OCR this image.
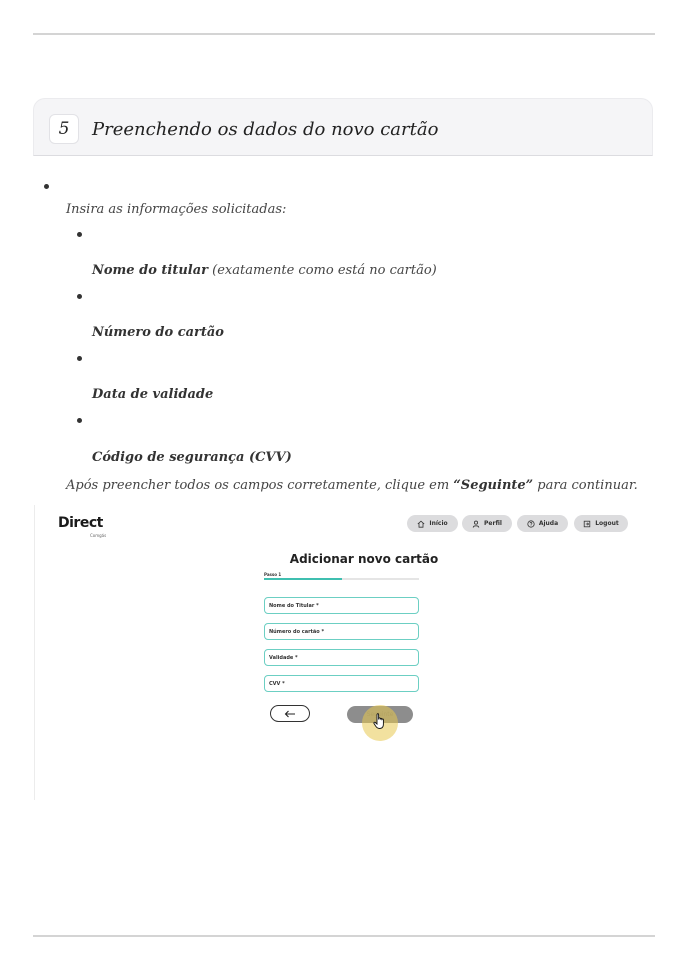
5	Preenchendo os dados do novo cartão
Insira as informações solicitadas:
Nome do titular (exatamente como está no cartão)
Número do cartão
Data de validade
Código de segurança (CVV)
Após preencher todos os campos corretamente, clique em “Seguinte” para continuar.
Direct
Comgás
Início	Perfil	Ajuda	Logout
Adicionar novo cartão
Passo 1
Nome do Titular *
Número do cartão *
Validade *
CVV *
